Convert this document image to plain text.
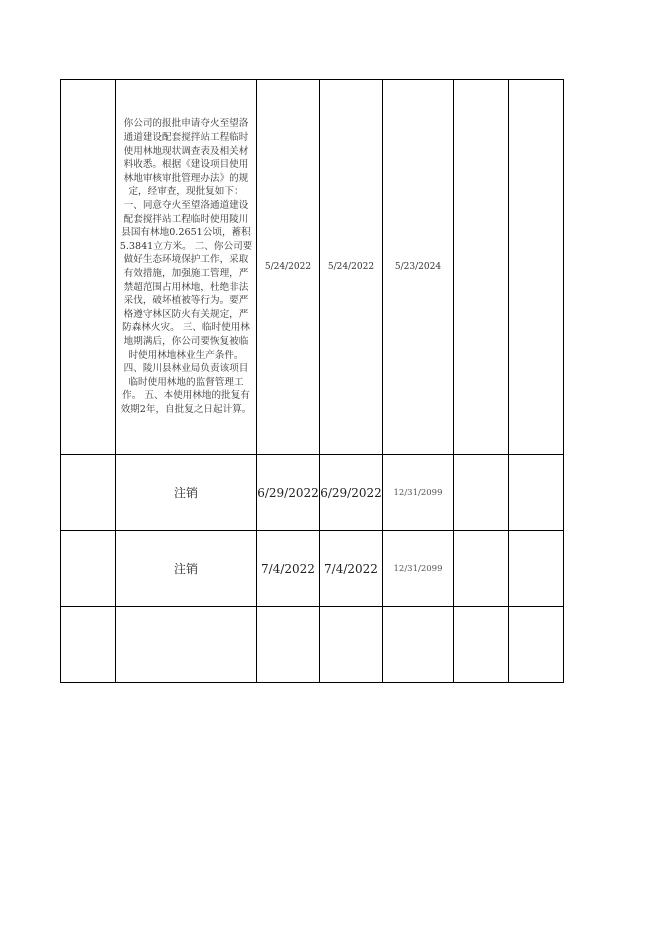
你公司的报批申请夺火至望洛通道建设配套搅拌站工程临时使用林地现状调查表及相关材料收悉。根据《建设项目使用林地审核审批管理办法》的规定，经审查，现批复如下： 一、同意夺火至望洛通道建设配套搅拌站工程临时使用陵川县国有林地0.2651公顷，蓄积5.3841立方米。 二、你公司要做好生态环境保护工作，采取有效措施，加强施工管理，严禁超范围占用林地，杜绝非法采伐，破坏植被等行为。要严格遵守林区防火有关规定，严防森林火灾。 三、临时使用林地期满后，你公司要恢复被临时使用林地林业生产条件。 四、陵川县林业局负责该项目临时使用林地的监督管理工作。 五、本使用林地的批复有效期2年，自批复之日起计算。
5/24/2022 5/24/2022 5/23/2024
注销	6/29/2022 6/29/2022 12/31/2099
注销	7/4/2022 7/4/2022 12/31/2099
